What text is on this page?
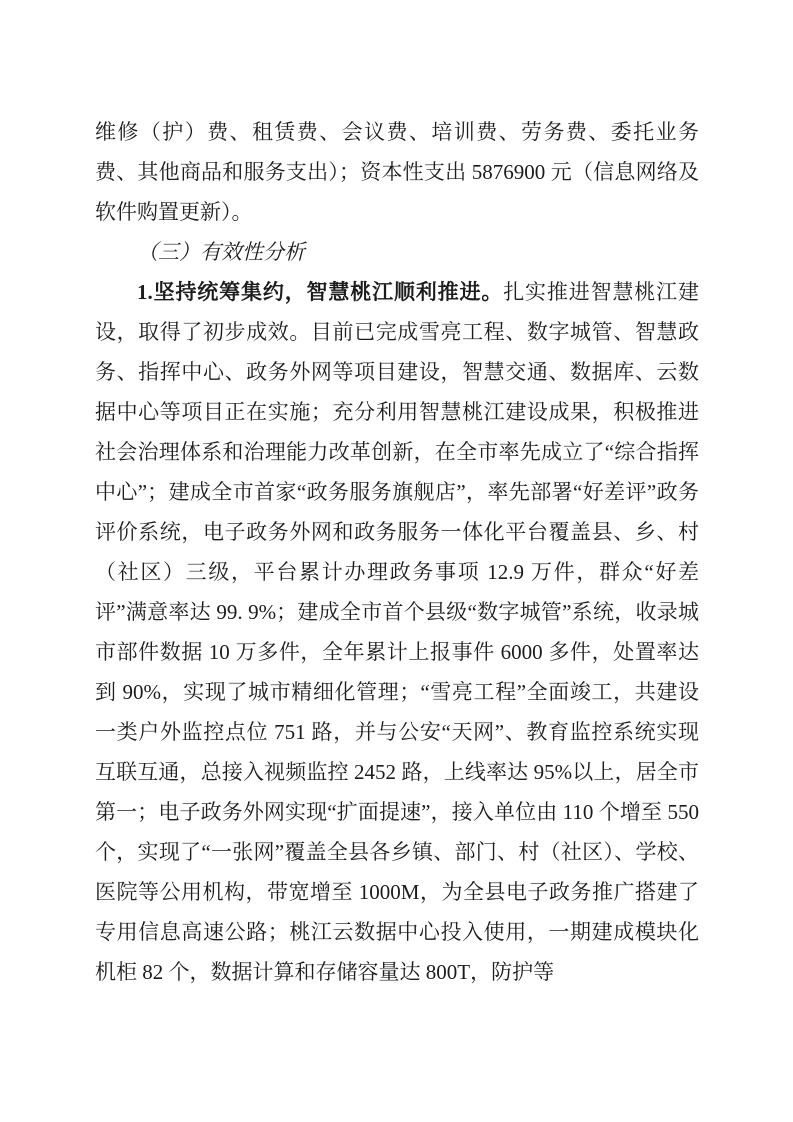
维修（护）费、租赁费、会议费、培训费、劳务费、委托业务费、其他商品和服务支出）；资本性支出 5876900 元（信息网络及软件购置更新）。

（三）有效性分析

1.坚持统筹集约，智慧桃江顺利推进。扎实推进智慧桃江建设，取得了初步成效。目前已完成雪亮工程、数字城管、智慧政务、指挥中心、政务外网等项目建设，智慧交通、数据库、云数据中心等项目正在实施；充分利用智慧桃江建设成果，积极推进社会治理体系和治理能力改革创新，在全市率先成立了“综合指挥中心”；建成全市首家“政务服务旗舰店”，率先部署“好差评”政务评价系统，电子政务外网和政务服务一体化平台覆盖县、乡、村（社区）三级，平台累计办理政务事项 12.9 万件，群众“好差评”满意率达 99. 9%；建成全市首个县级“数字城管”系统，收录城市部件数据 10 万多件，全年累计上报事件 6000 多件，处置率达到 90%，实现了城市精细化管理；“雪亮工程”全面竣工，共建设一类户外监控点位 751 路，并与公安“天网”、教育监控系统实现互联互通，总接入视频监控 2452 路，上线率达 95%以上，居全市第一；电子政务外网实现“扩面提速”，接入单位由 110 个增至 550 个，实现了“一张网”覆盖全县各乡镇、部门、村（社区）、学校、医院等公用机构，带宽增至 1000M，为全县电子政务推广搭建了专用信息高速公路；桃江云数据中心投入使用，一期建成模块化机柜 82 个，数据计算和存储容量达 800T，防护等
